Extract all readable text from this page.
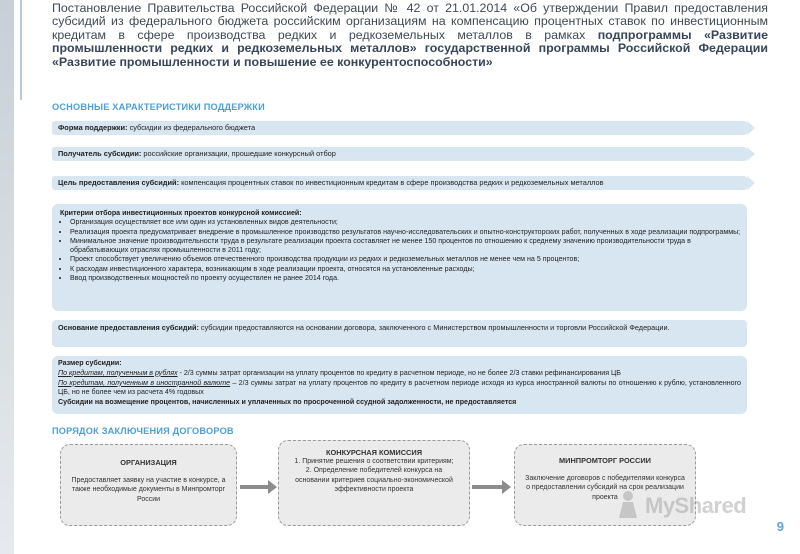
Постановление Правительства Российской Федерации № 42 от 21.01.2014 «Об утверждении Правил предоставления субсидий из федерального бюджета российским организациям на компенсацию процентных ставок по инвестиционным кредитам в сфере производства редких и редкоземельных металлов в рамках подпрограммы «Развитие промышленности редких и редкоземельных металлов» государственной программы Российской Федерации «Развитие промышленности и повышение ее конкурентоспособности»
ОСНОВНЫЕ ХАРАКТЕРИСТИКИ ПОДДЕРЖКИ
Форма поддержки: субсидии из федерального бюджета
Получатель субсидии: российские организации, прошедшие конкурсный отбор
Цель предоставления субсидий: компенсация процентных ставок по инвестиционным кредитам в сфере производства редких и редкоземельных металлов
Критерии отбора инвестиционных проектов конкурсной комиссией:
• Организация осуществляет все или один из установленных видов деятельности;
• Реализация проекта предусматривает внедрение в промышленное производство результатов научно-исследовательских и опытно-конструкторских работ, полученных в ходе реализации подпрограммы;
• Минимальное значение производительности труда в результате реализации проекта составляет не менее 150 процентов по отношению к среднему значению производительности труда в обрабатывающих отраслях промышленности в 2011 году;
• Проект способствует увеличению объемов отечественного производства продукции из редких и редкоземельных металлов не менее чем на 5 процентов;
• К расходам инвестиционного характера, возникающим в ходе реализации проекта, относятся на установленные расходы;
• Ввод производственных мощностей по проекту осуществлен не ранее 2014 года.
Основание предоставления субсидий: субсидии предоставляются на основании договора, заключенного с Министерством промышленности и торговли Российской Федерации.
Размер субсидии:
По кредитам, полученным в рублях - 2/3 суммы затрат организации на уплату процентов по кредиту в расчетном периоде, но не более 2/3 ставки рефинансирования ЦБ
По кредитам, полученным в иностранной валюте – 2/3 суммы затрат на уплату процентов по кредиту в расчетном периоде исходя из курса иностранной валюты по отношению к рублю, установленного ЦБ, но не более чем из расчета 4% годовых
Субсидии на возмещение процентов, начисленных и уплаченных по просроченной ссудной задолженности, не предоставляется
ПОРЯДОК ЗАКЛЮЧЕНИЯ ДОГОВОРОВ
ОРГАНИЗАЦИЯ
Предоставляет заявку на участие в конкурсе, а также необходимые документы в Минпромторг России
КОНКУРСНАЯ КОМИССИЯ
1. Принятие решения о соответствии критериям;
2. Определение победителей конкурса на основании критериев социально-экономической эффективности проекта
МИНПРОМТОРГ РОССИИ
Заключение договоров с победителями конкурса о предоставлении субсидий на срок реализации проекта	MyShared
9
